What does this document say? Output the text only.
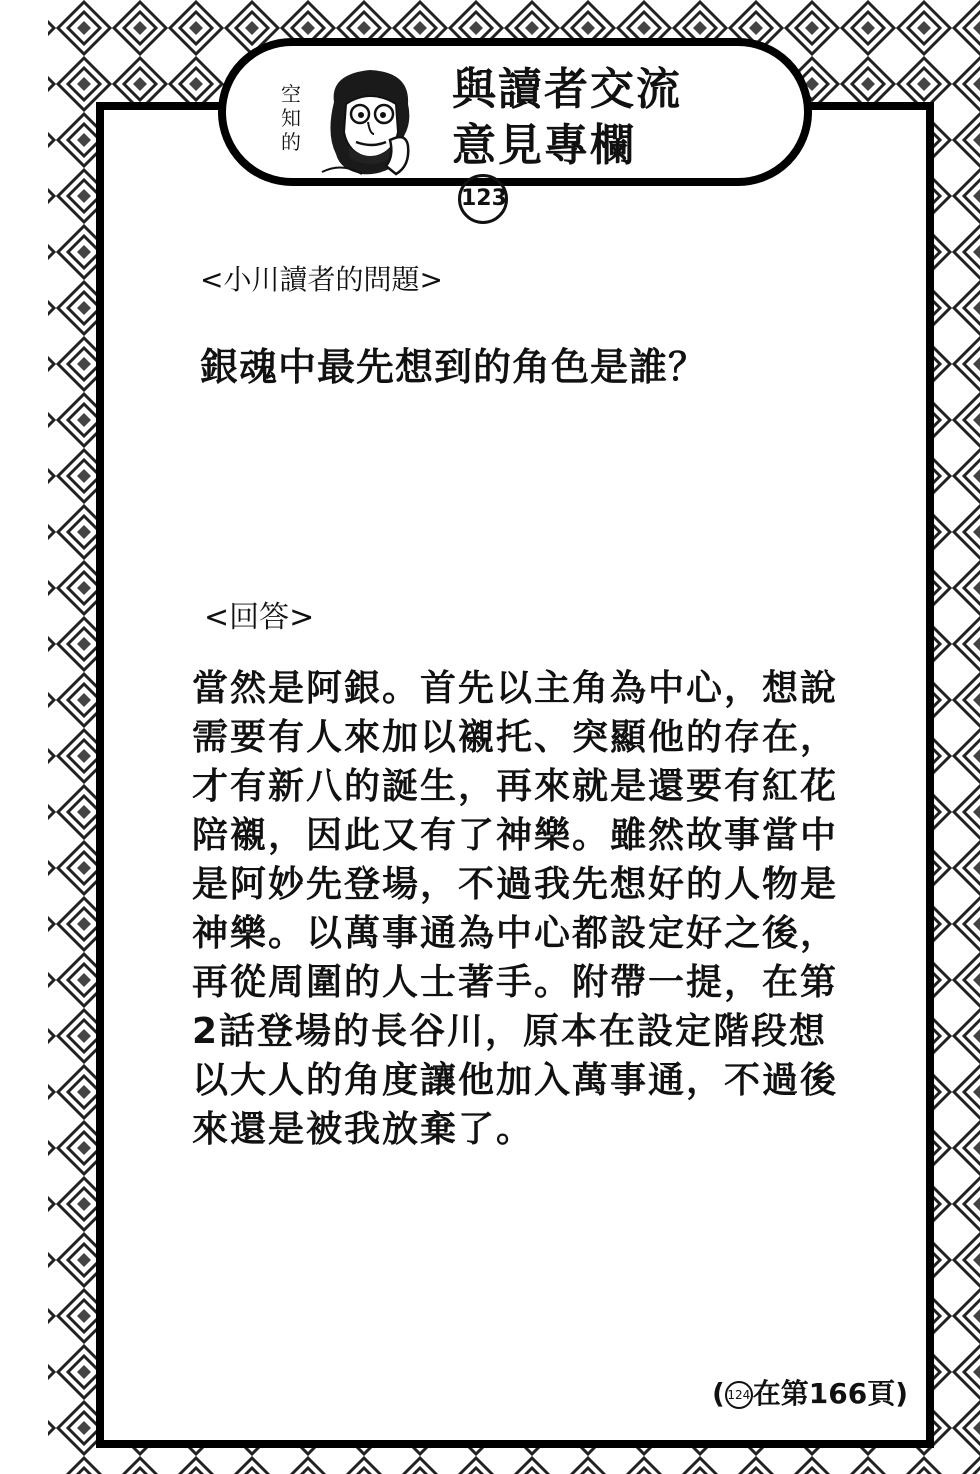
空
知
的
與讀者交流
意見專欄
123
<小川讀者的問題>
銀魂中最先想到的角色是誰？
<回答>
當然是阿銀。首先以主角為中心，想說
需要有人來加以襯托、突顯他的存在，
才有新八的誕生，再來就是還要有紅花
陪襯，因此又有了神樂。雖然故事當中
是阿妙先登場，不過我先想好的人物是
神樂。以萬事通為中心都設定好之後，
再從周圍的人士著手。附帶一提，在第
2話登場的長谷川，原本在設定階段想
以大人的角度讓他加入萬事通，不過後
來還是被我放棄了。
( 124在第166頁)
